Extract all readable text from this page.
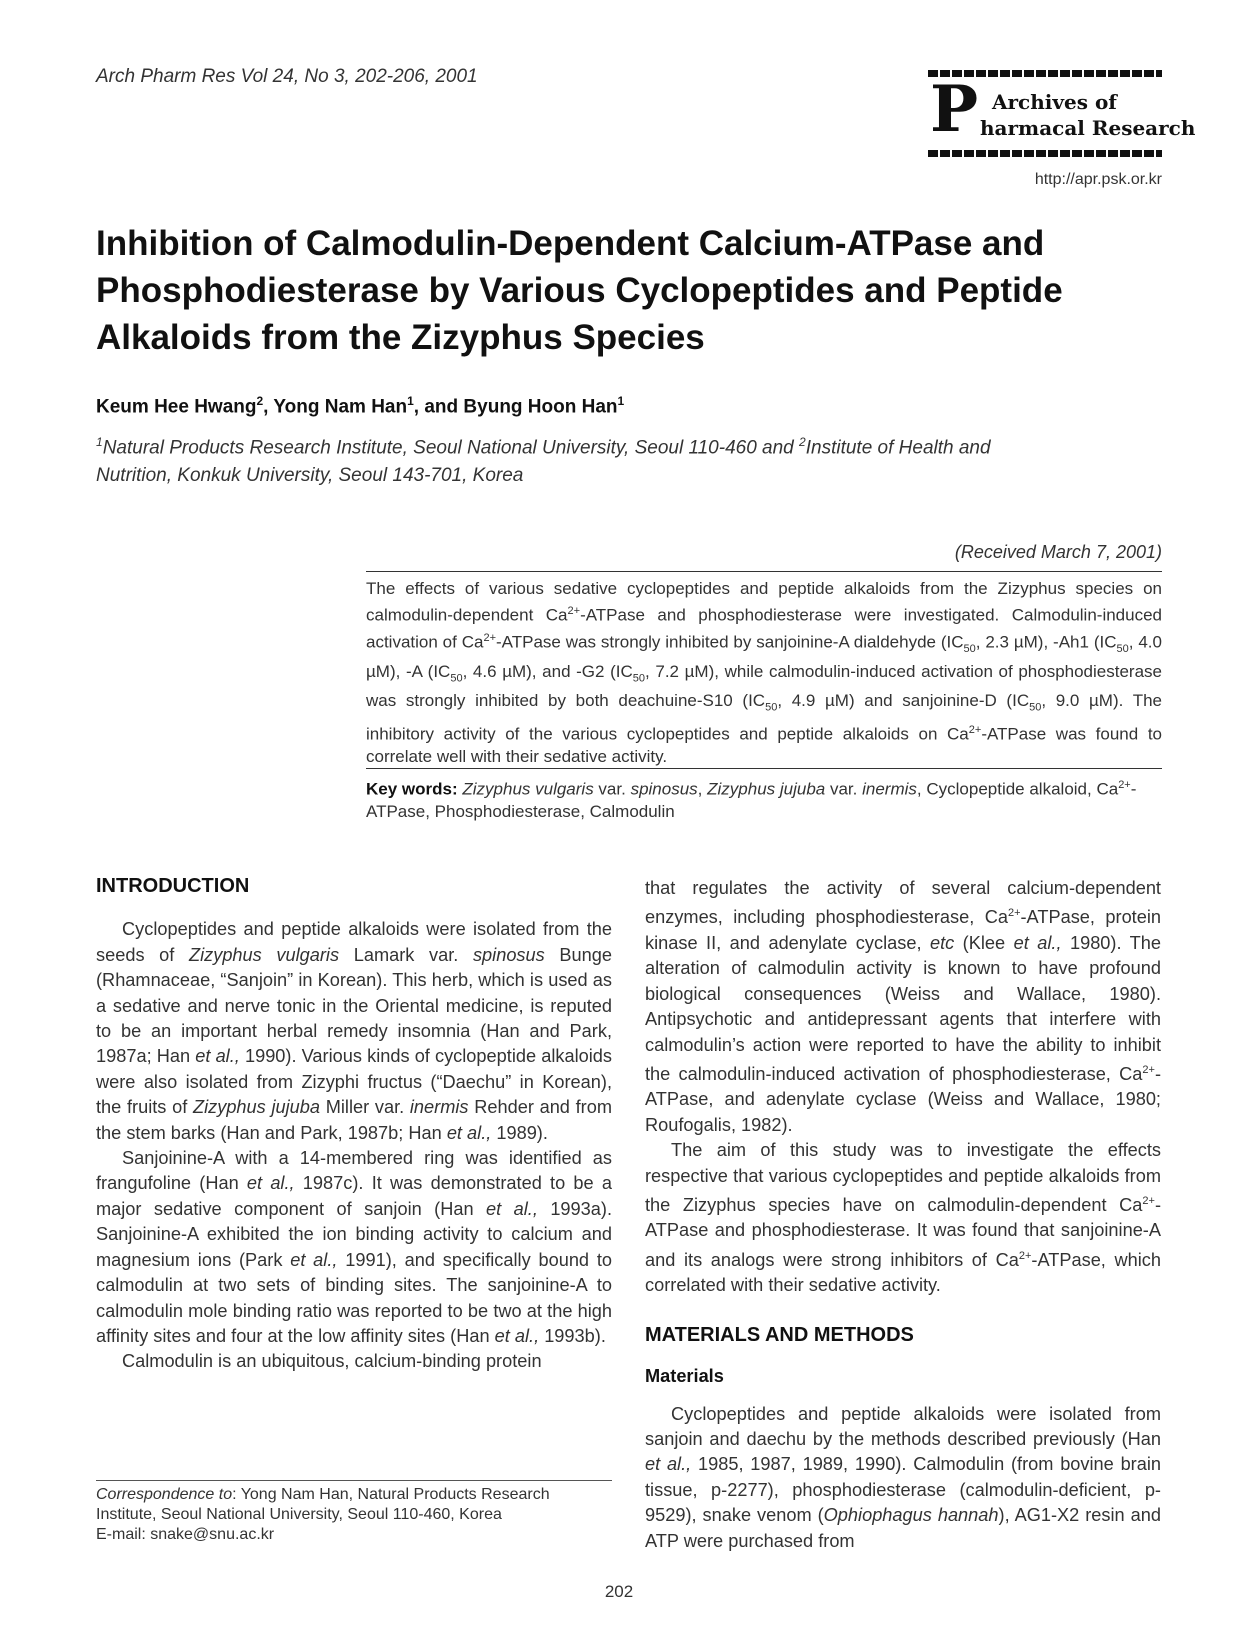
Arch Pharm Res Vol 24, No 3, 202-206, 2001	P Archives of
harmacal Research
http://apr.psk.or.kr
Inhibition of Calmodulin-Dependent Calcium-ATPase and Phosphodiesterase by Various Cyclopeptides and Peptide Alkaloids from the Zizyphus Species
Keum Hee Hwang$^2$, Yong Nam Han$^1$, and Byung Hoon Han$^1$
$^1$Natural Products Research Institute, Seoul National University, Seoul 110-460 and $^2$Institute of Health and Nutrition, Konkuk University, Seoul 143-701, Korea
(Received March 7, 2001)
The effects of various sedative cyclopeptides and peptide alkaloids from the Zizyphus species on calmodulin-dependent $Ca^{2+}$-ATPase and phosphodiesterase were investigated. Calmodulin-induced activation of $Ca^{2+}$-ATPase was strongly inhibited by sanjoinine-A dialdehyde ($IC_{50}$, 2.3 µM), -Ah1 ($IC_{50}$, 4.0 µM), -A ($IC_{50}$, 4.6 µM), and -G2 ($IC_{50}$, 7.2 µM), while calmodulin-induced activation of phosphodiesterase was strongly inhibited by both deachuine-S10 ($IC_{50}$, 4.9 µM) and sanjoinine-D ($IC_{50}$, 9.0 µM). The inhibitory activity of the various cyclopeptides and peptide alkaloids on $Ca^{2+}$-ATPase was found to correlate well with their sedative activity.
Key words: Zizyphus vulgaris var. spinosus, Zizyphus jujuba var. inermis, Cyclopeptide alkaloid, $Ca^{2+}$-ATPase, Phosphodiesterase, Calmodulin
INTRODUCTION

Cyclopeptides and peptide alkaloids were isolated from the seeds of Zizyphus vulgaris Lamark var. spinosus Bunge (Rhamnaceae, “Sanjoin” in Korean). This herb, which is used as a sedative and nerve tonic in the Oriental medicine, is reputed to be an important herbal remedy insomnia (Han and Park, 1987a; Han et al., 1990). Various kinds of cyclopeptide alkaloids were also isolated from Zizyphi fructus (“Daechu” in Korean), the fruits of Zizyphus jujuba Miller var. inermis Rehder and from the stem barks (Han and Park, 1987b; Han et al., 1989).

Sanjoinine-A with a 14-membered ring was identified as frangufoline (Han et al., 1987c). It was demonstrated to be a major sedative component of sanjoin (Han et al., 1993a). Sanjoinine-A exhibited the ion binding activity to calcium and magnesium ions (Park et al., 1991), and specifically bound to calmodulin at two sets of binding sites. The sanjoinine-A to calmodulin mole binding ratio was reported to be two at the high affinity sites and four at the low affinity sites (Han et al., 1993b).

Calmodulin is an ubiquitous, calcium-binding protein

that regulates the activity of several calcium-dependent enzymes, including phosphodiesterase, $Ca^{2+}$-ATPase, protein kinase II, and adenylate cyclase, etc (Klee et al., 1980). The alteration of calmodulin activity is known to have profound biological consequences (Weiss and Wallace, 1980). Antipsychotic and antidepressant agents that interfere with calmodulin’s action were reported to have the ability to inhibit the calmodulin-induced activation of phosphodiesterase, $Ca^{2+}$-ATPase, and adenylate cyclase (Weiss and Wallace, 1980; Roufogalis, 1982).

The aim of this study was to investigate the effects respective that various cyclopeptides and peptide alkaloids from the Zizyphus species have on calmodulin-dependent $Ca^{2+}$-ATPase and phosphodiesterase. It was found that sanjoinine-A and its analogs were strong inhibitors of $Ca^{2+}$-ATPase, which correlated with their sedative activity.

MATERIALS AND METHODS
Materials

Cyclopeptides and peptide alkaloids were isolated from sanjoin and daechu by the methods described previously (Han et al., 1985, 1987, 1989, 1990). Calmodulin (from bovine brain tissue, p-2277), phosphodiesterase (calmodulin-deficient, p-9529), snake venom (Ophiophagus hannah), AG1-X2 resin and ATP were purchased from

Correspondence to: Yong Nam Han, Natural Products Research Institute, Seoul National University, Seoul 110-460, Korea
E-mail: snake@snu.ac.kr
202
